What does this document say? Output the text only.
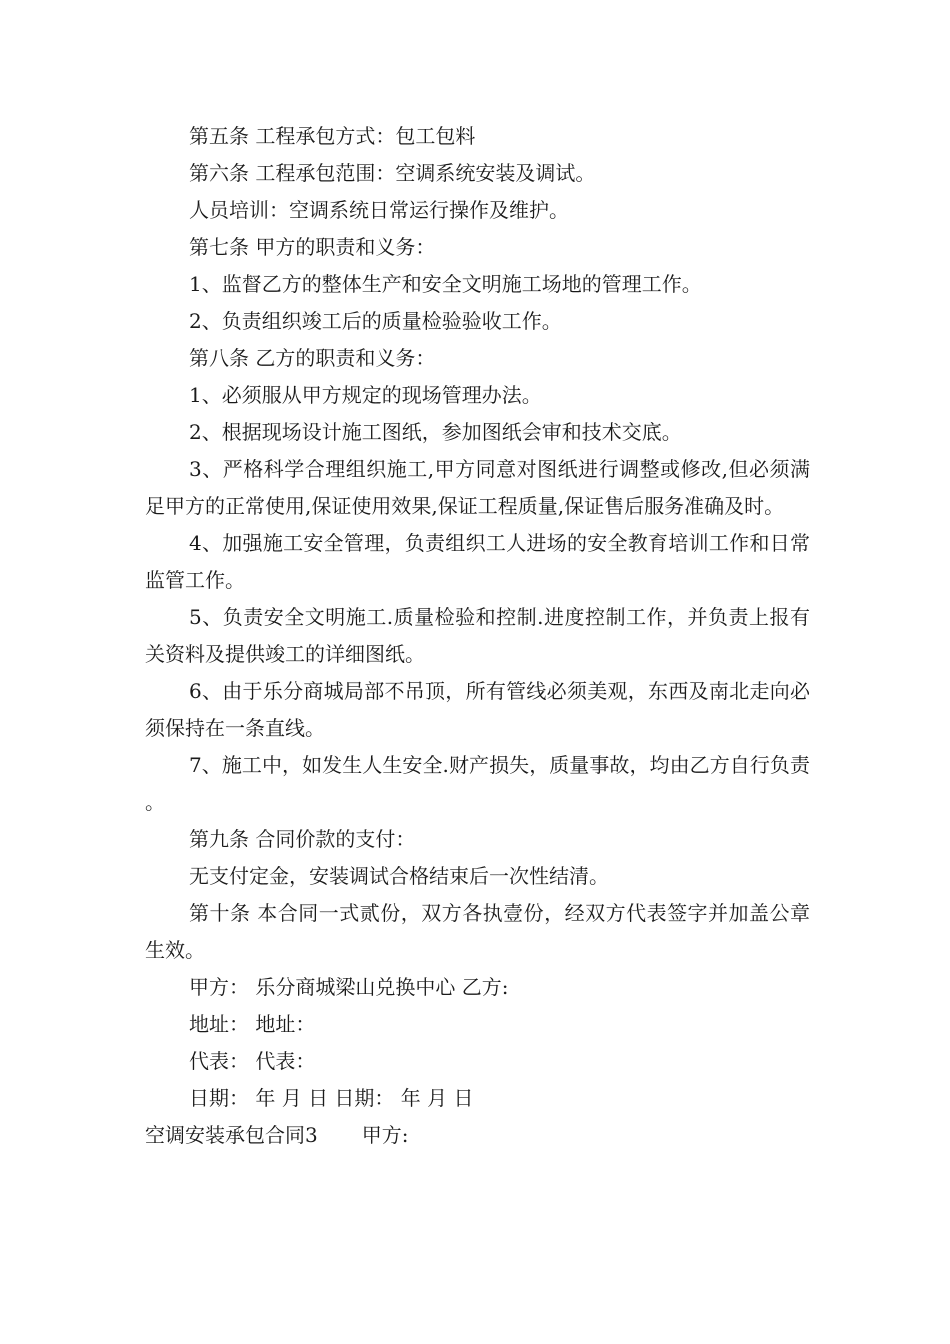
第五条 工程承包方式：包工包料

第六条 工程承包范围：空调系统安装及调试。

人员培训：空调系统日常运行操作及维护。

第七条 甲方的职责和义务：

1、监督乙方的整体生产和安全文明施工场地的管理工作。

2、负责组织竣工后的质量检验验收工作。

第八条 乙方的职责和义务：

1、必须服从甲方规定的现场管理办法。

2、根据现场设计施工图纸，参加图纸会审和技术交底。

3、严格科学合理组织施工,甲方同意对图纸进行调整或修改,但必须满足甲方的正常使用,保证使用效果,保证工程质量,保证售后服务准确及时。

4、加强施工安全管理，负责组织工人进场的安全教育培训工作和日常监管工作。

5、负责安全文明施工.质量检验和控制.进度控制工作，并负责上报有关资料及提供竣工的详细图纸。

6、由于乐分商城局部不吊顶，所有管线必须美观，东西及南北走向必须保持在一条直线。

7、施工中，如发生人生安全.财产损失，质量事故，均由乙方自行负责。

第九条 合同价款的支付：

无支付定金，安装调试合格结束后一次性结清。

第十条 本合同一式贰份，双方各执壹份，经双方代表签字并加盖公章生效。

甲方： 乐分商城梁山兑换中心 乙方:

地址： 地址：

代表： 代表：

日期： 年 月 日 日期： 年 月 日

空调安装承包合同3 甲方:
